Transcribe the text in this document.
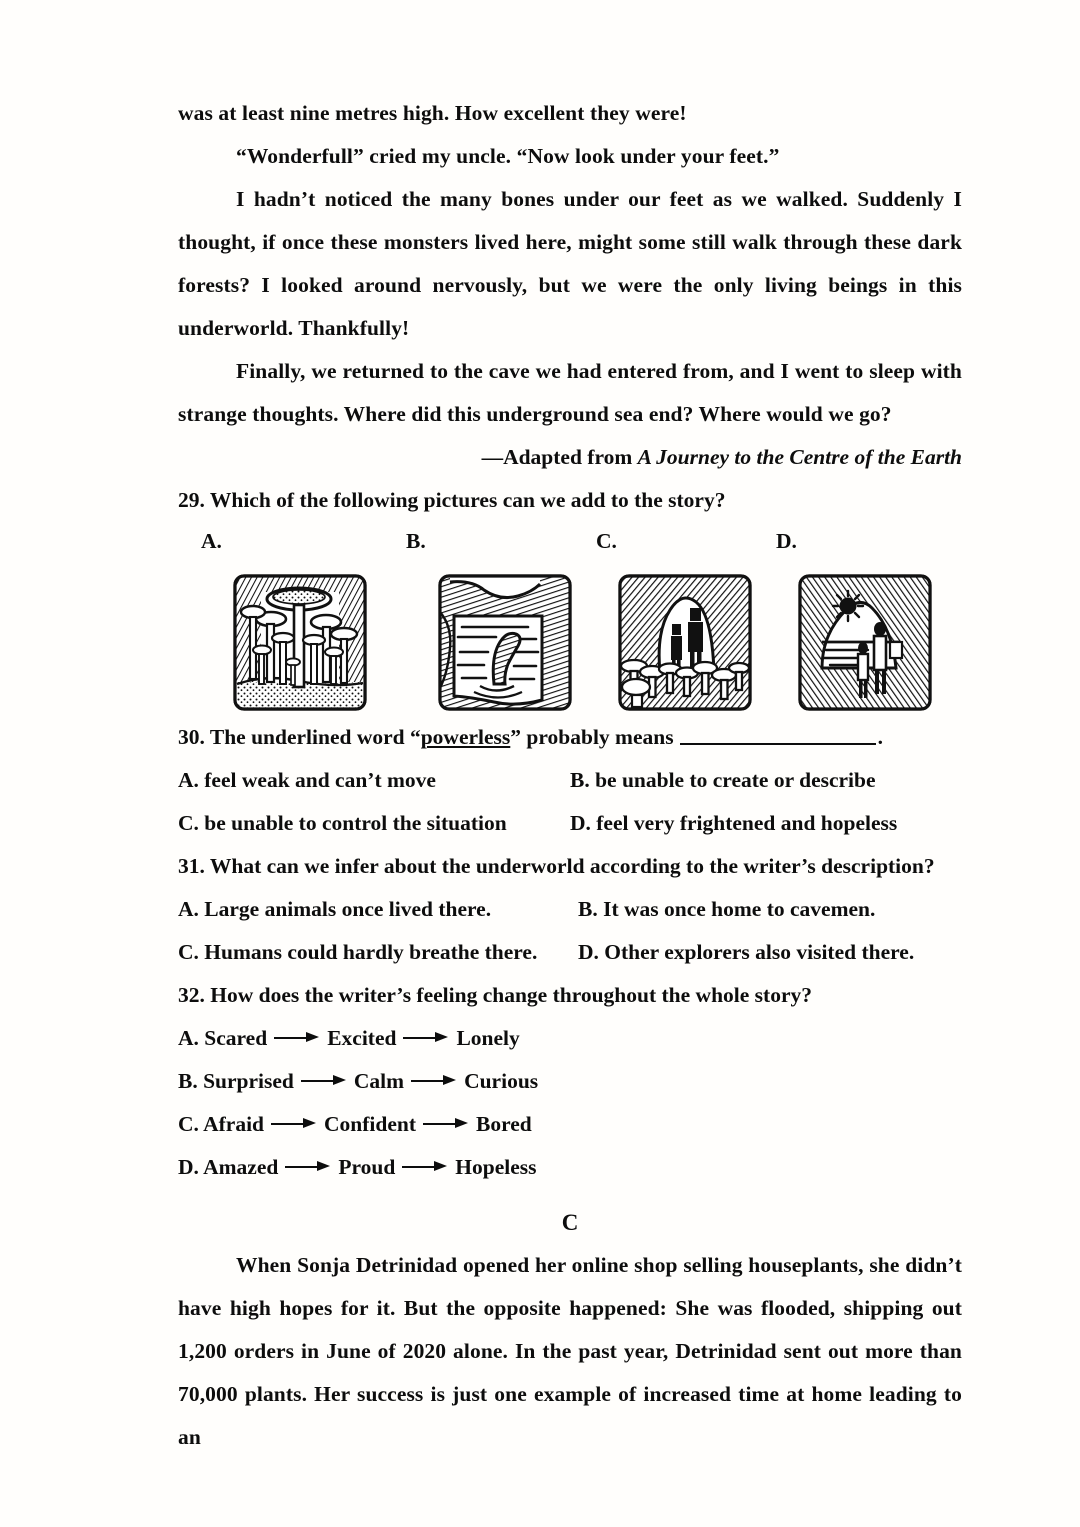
was at least nine metres high. How excellent they were!

“Wonderfull” cried my uncle. “Now look under your feet.”

I hadn’t noticed the many bones under our feet as we walked. Suddenly I thought, if once these monsters lived here, might some still walk through these dark forests? I looked around nervously, but we were the only living beings in this underworld. Thankfully!

Finally, we returned to the cave we had entered from, and I went to sleep with strange thoughts. Where did this underground sea end? Where would we go?

—Adapted from A Journey to the Centre of the Earth

29. Which of the following pictures can we add to the story?

A.	B.	C.	D.

30. The underlined word “powerless” probably means	.

A. feel weak and can’t move	B. be unable to create or describe
C. be unable to control the situation	D. feel very frightened and hopeless

31. What can we infer about the underworld according to the writer’s description?

A. Large animals once lived there.	B. It was once home to cavemen.
C. Humans could hardly breathe there.	D. Other explorers also visited there.

32. How does the writer’s feeling change throughout the whole story?

A. Scared	Excited	Lonely
B. Surprised	Calm	Curious
C. Afraid	Confident	Bored
D. Amazed	Proud	Hopeless

C

When Sonja Detrinidad opened her online shop selling houseplants, she didn’t have high hopes for it. But the opposite happened: She was flooded, shipping out 1,200 orders in June of 2020 alone. In the past year, Detrinidad sent out more than 70,000 plants. Her success is just one example of increased time at home leading to an
